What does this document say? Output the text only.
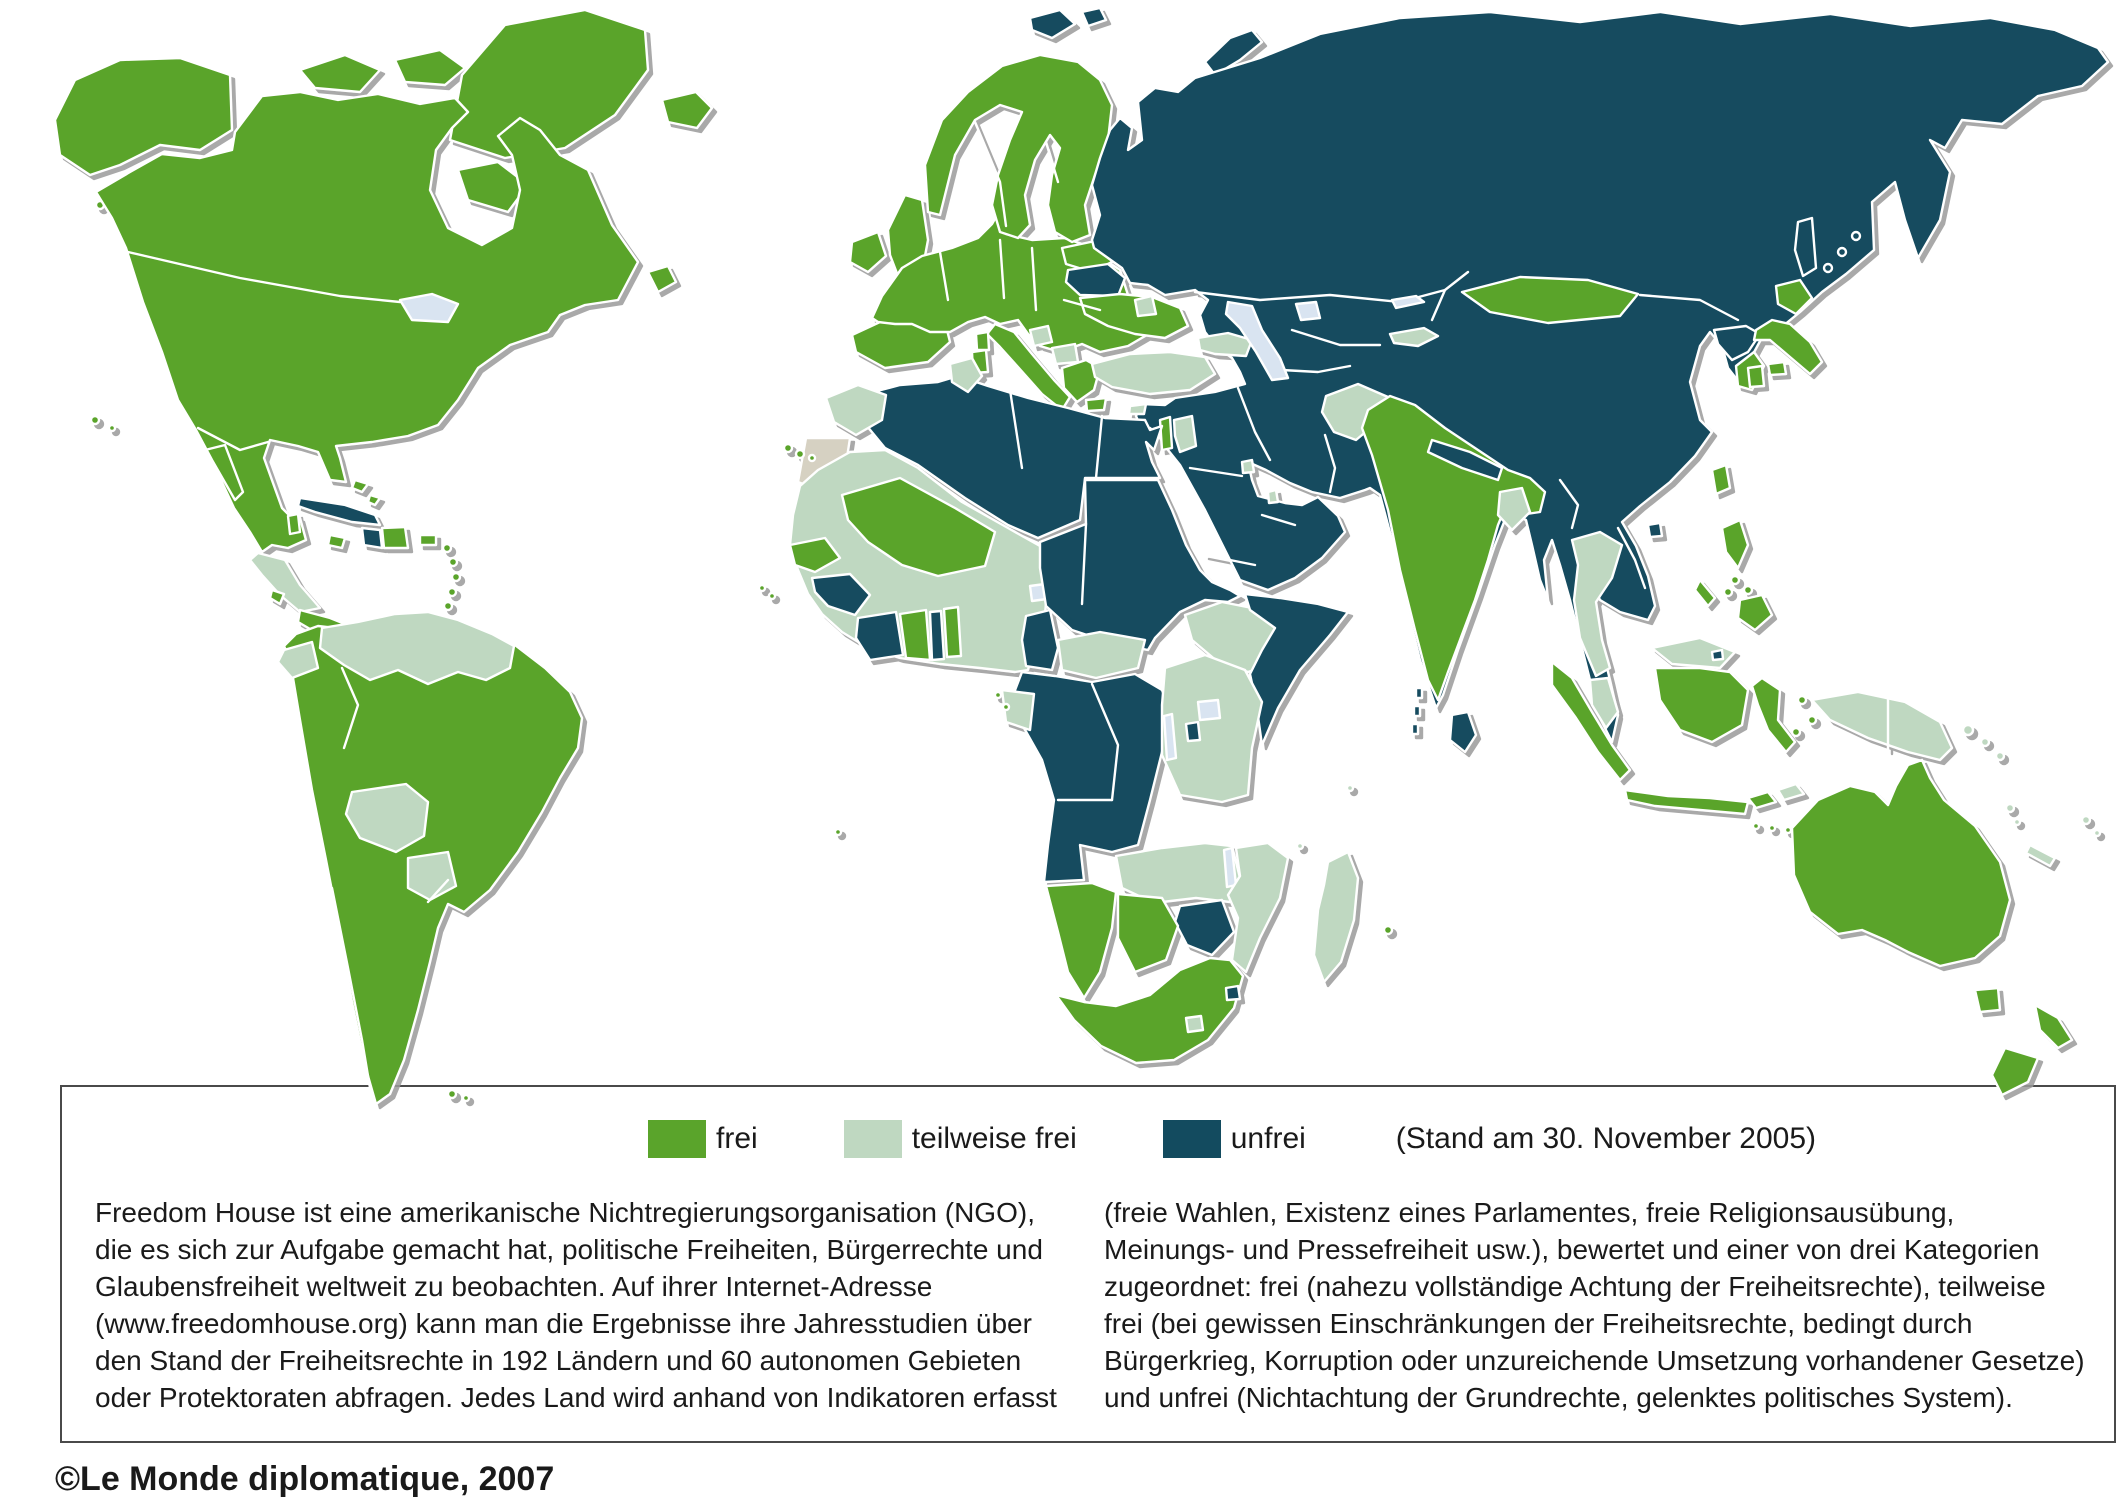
frei	teilweise frei	unfrei	(Stand am 30. November 2005)
Freedom House ist eine amerikanische Nichtregierungsorganisation (NGO),
die es sich zur Aufgabe gemacht hat, politische Freiheiten, Bürgerrechte und
Glaubensfreiheit weltweit zu beobachten. Auf ihrer Internet-Adresse
(www.freedomhouse.org) kann man die Ergebnisse ihre Jahresstudien über
den Stand der Freiheitsrechte in 192 Ländern und 60 autonomen Gebieten
oder Protektoraten abfragen. Jedes Land wird anhand von Indikatoren erfasst
(freie Wahlen, Existenz eines Parlamentes, freie Religionsausübung,
Meinungs- und Pressefreiheit usw.), bewertet und einer von drei Kategorien
zugeordnet: frei (nahezu vollständige Achtung der Freiheitsrechte), teilweise
frei (bei gewissen Einschränkungen der Freiheitsrechte, bedingt durch
Bürgerkrieg, Korruption oder unzureichende Umsetzung vorhandener Gesetze)
und unfrei (Nichtachtung der Grundrechte, gelenktes politisches System).
©Le Monde diplomatique, 2007
